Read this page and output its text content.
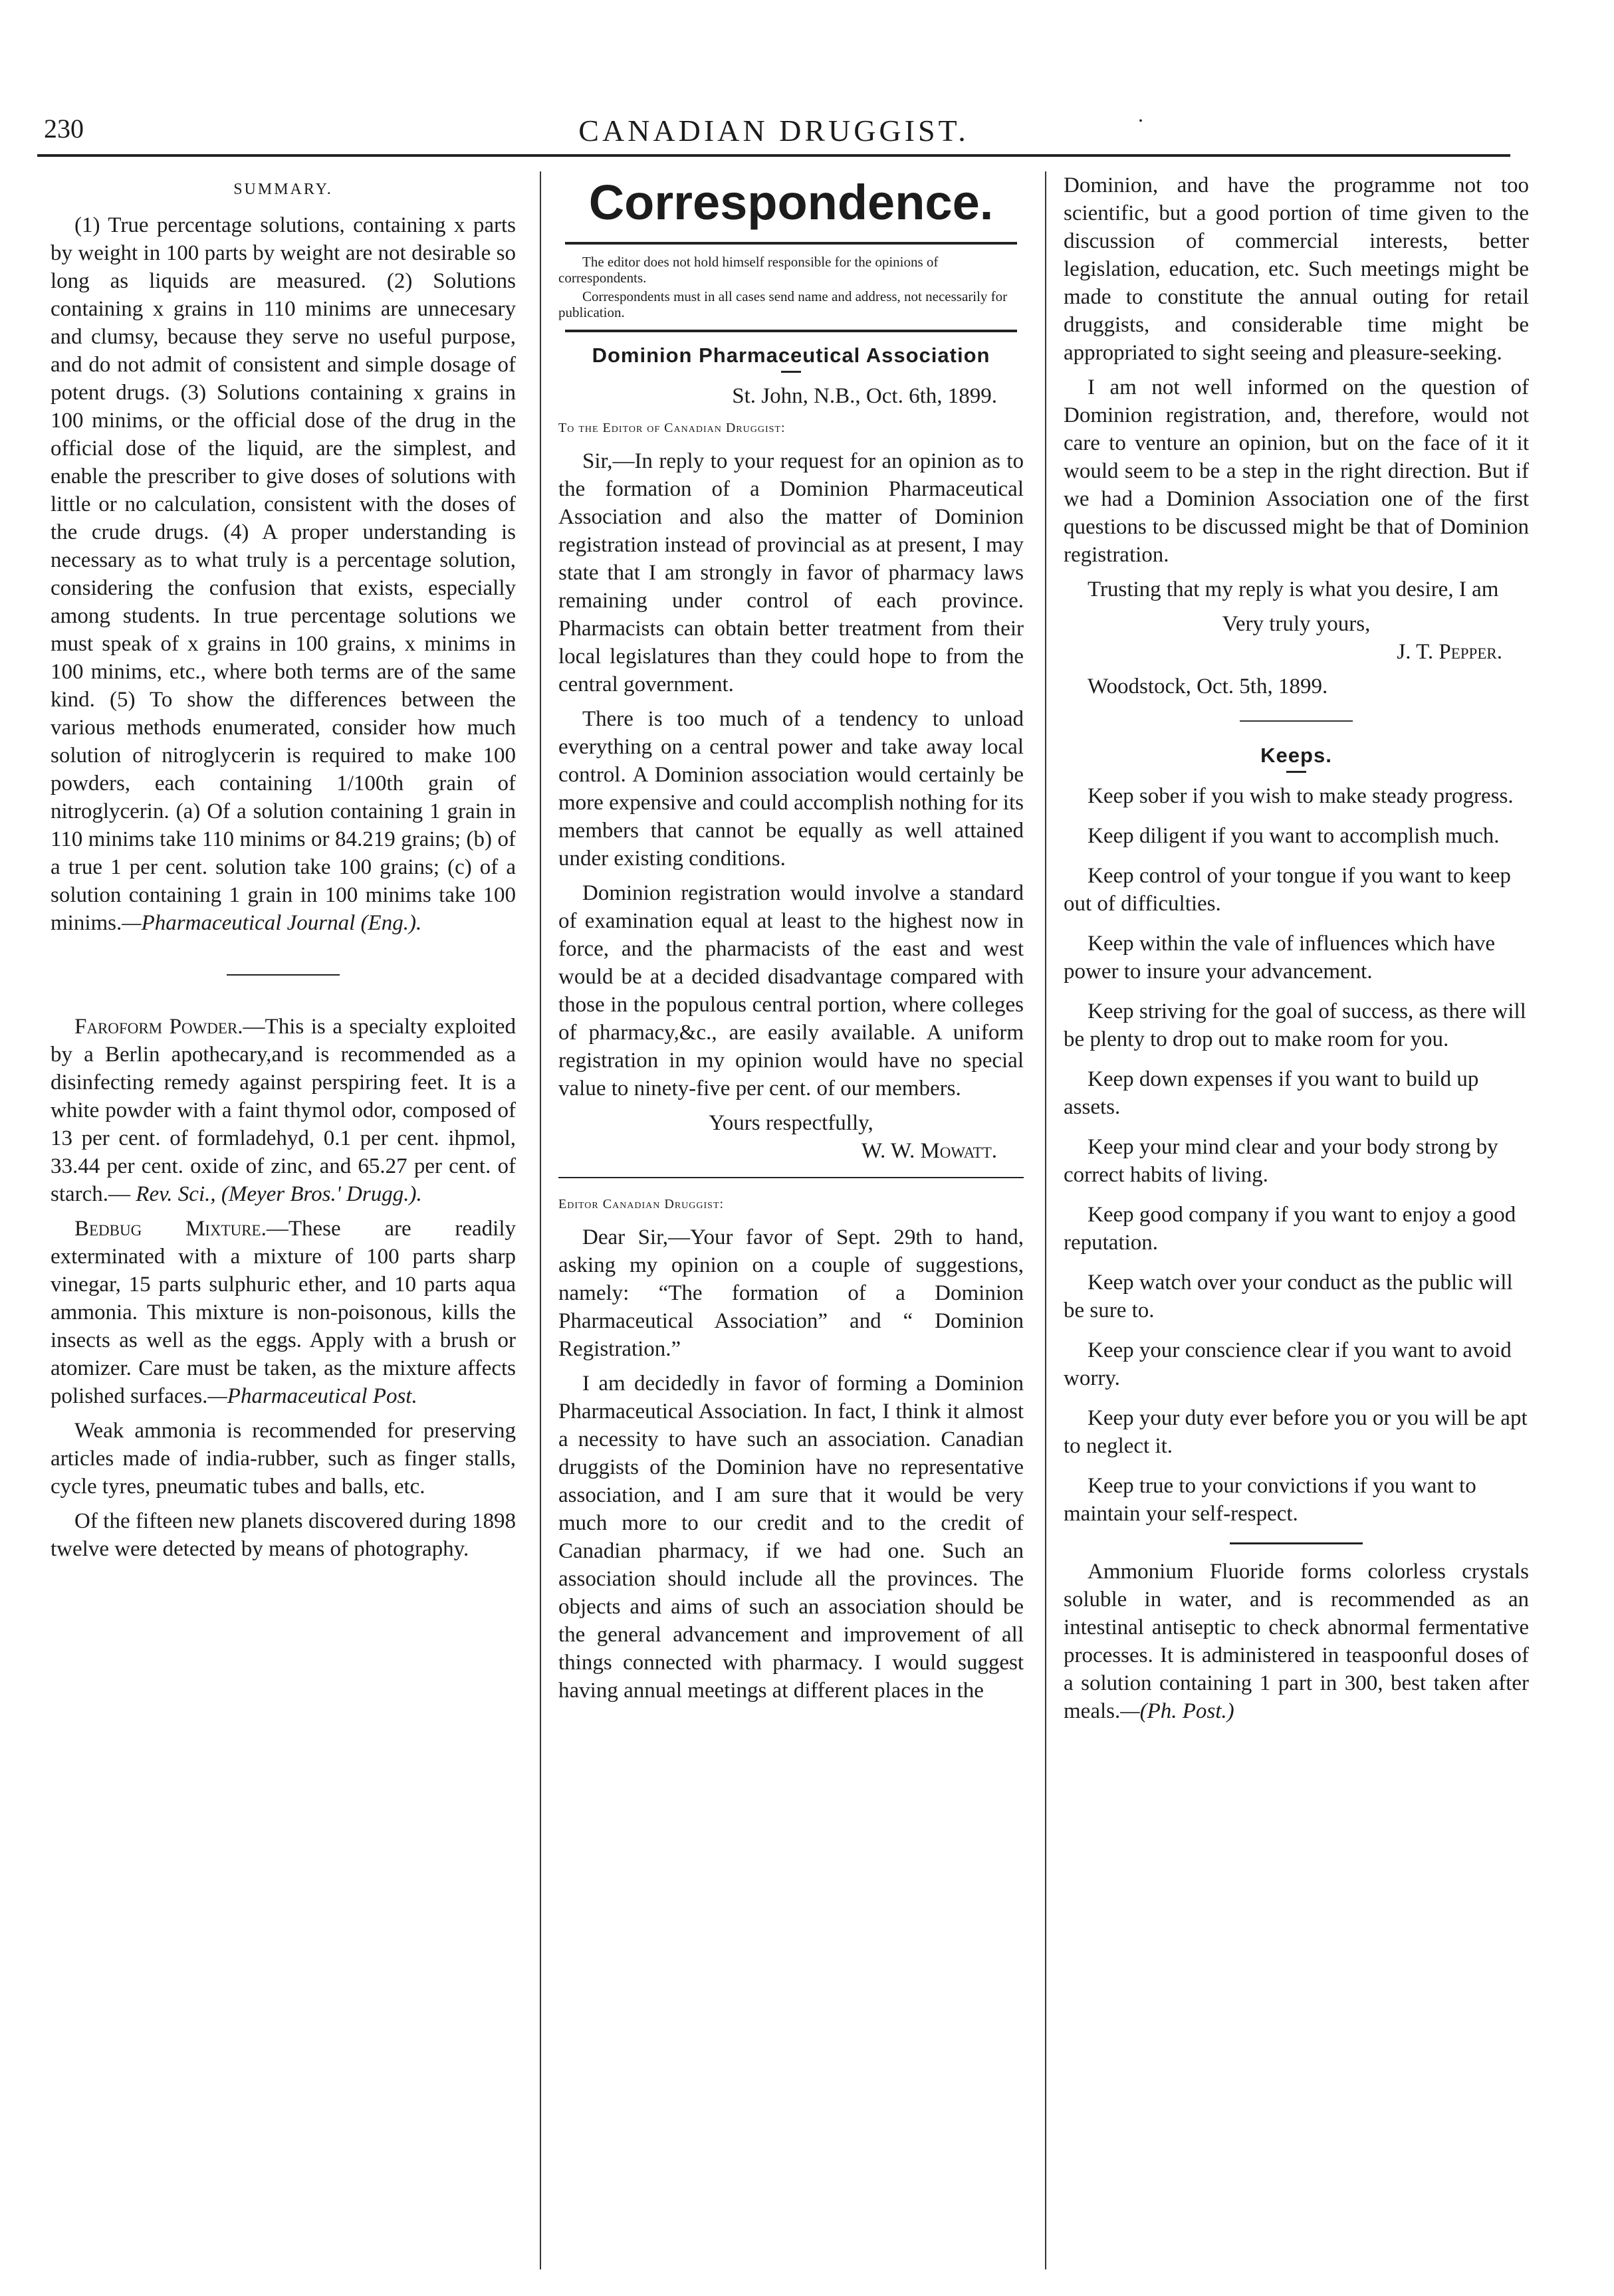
230	CANADIAN DRUGGIST.	.
SUMMARY.

(1) True percentage solutions, containing x parts by weight in 100 parts by weight are not desirable so long as liquids are measured. (2) Solutions containing x grains in 110 minims are unnecesary and clumsy, because they serve no useful purpose, and do not admit of consistent and simple dosage of potent drugs. (3) Solutions containing x grains in 100 minims, or the official dose of the drug in the official dose of the liquid, are the simplest, and enable the prescriber to give doses of solutions with little or no calculation, consistent with the doses of the crude drugs. (4) A proper understanding is necessary as to what truly is a percentage solution, considering the confusion that exists, especially among students. In true percentage solutions we must speak of x grains in 100 grains, x minims in 100 minims, etc., where both terms are of the same kind. (5) To show the differences between the various methods enumerated, consider how much solution of nitroglycerin is required to make 100 powders, each containing 1/100th grain of nitroglycerin. (a) Of a solution containing 1 grain in 110 minims take 110 minims or 84.219 grains; (b) of a true 1 per cent. solution take 100 grains; (c) of a solution containing 1 grain in 100 minims take 100 minims.—Pharmaceutical Journal (Eng.).

Faroform Powder.—This is a specialty exploited by a Berlin apothecary,and is recommended as a disinfecting remedy against perspiring feet. It is a white powder with a faint thymol odor, composed of 13 per cent. of formladehyd, 0.1 per cent. ihpmol, 33.44 per cent. oxide of zinc, and 65.27 per cent. of starch.— Rev. Sci., (Meyer Bros.' Drugg.).

Bedbug Mixture.—These are readily exterminated with a mixture of 100 parts sharp vinegar, 15 parts sulphuric ether, and 10 parts aqua ammonia. This mixture is non-poisonous, kills the insects as well as the eggs. Apply with a brush or atomizer. Care must be taken, as the mixture affects polished surfaces.—Pharmaceutical Post.

Weak ammonia is recommended for preserving articles made of india-rubber, such as finger stalls, cycle tyres, pneumatic tubes and balls, etc.

Of the fifteen new planets discovered during 1898 twelve were detected by means of photography.

Correspondence.

The editor does not hold himself responsible for the opinions of correspondents.

Correspondents must in all cases send name and address, not necessarily for publication.

Dominion Pharmaceutical Association

St. John, N.B., Oct. 6th, 1899.

To the Editor of Canadian Druggist:

Sir,—In reply to your request for an opinion as to the formation of a Dominion Pharmaceutical Association and also the matter of Dominion registration instead of provincial as at present, I may state that I am strongly in favor of pharmacy laws remaining under control of each province. Pharmacists can obtain better treatment from their local legislatures than they could hope to from the central government.

There is too much of a tendency to unload everything on a central power and take away local control. A Dominion association would certainly be more expensive and could accomplish nothing for its members that cannot be equally as well attained under existing conditions.

Dominion registration would involve a standard of examination equal at least to the highest now in force, and the pharmacists of the east and west would be at a decided disadvantage compared with those in the populous central portion, where colleges of pharmacy,&c., are easily available. A uniform registration in my opinion would have no special value to ninety-five per cent. of our members.

Yours respectfully,

W. W. Mowatt.

Editor Canadian Druggist:

Dear Sir,—Your favor of Sept. 29th to hand, asking my opinion on a couple of suggestions, namely: “The formation of a Dominion Pharmaceutical Association” and “ Dominion Registration.”

I am decidedly in favor of forming a Dominion Pharmaceutical Association. In fact, I think it almost a necessity to have such an association. Canadian druggists of the Dominion have no representative association, and I am sure that it would be very much more to our credit and to the credit of Canadian pharmacy, if we had one. Such an association should include all the provinces. The objects and aims of such an association should be the general advancement and improvement of all things connected with pharmacy. I would suggest having annual meetings at different places in the

Dominion, and have the programme not too scientific, but a good portion of time given to the discussion of commercial interests, better legislation, education, etc. Such meetings might be made to constitute the annual outing for retail druggists, and considerable time might be appropriated to sight seeing and pleasure-seeking.

I am not well informed on the question of Dominion registration, and, therefore, would not care to venture an opinion, but on the face of it it would seem to be a step in the right direction. But if we had a Dominion Association one of the first questions to be discussed might be that of Dominion registration.

Trusting that my reply is what you desire, I am

Very truly yours,

J. T. Pepper.

Woodstock, Oct. 5th, 1899.

Keeps.

Keep sober if you wish to make steady progress.

Keep diligent if you want to accomplish much.

Keep control of your tongue if you want to keep out of difficulties.

Keep within the vale of influences which have power to insure your advancement.

Keep striving for the goal of success, as there will be plenty to drop out to make room for you.

Keep down expenses if you want to build up assets.

Keep your mind clear and your body strong by correct habits of living.

Keep good company if you want to enjoy a good reputation.

Keep watch over your conduct as the public will be sure to.

Keep your conscience clear if you want to avoid worry.

Keep your duty ever before you or you will be apt to neglect it.

Keep true to your convictions if you want to maintain your self-respect.

Ammonium Fluoride forms colorless crystals soluble in water, and is recommended as an intestinal antiseptic to check abnormal fermentative processes. It is administered in teaspoonful doses of a solution containing 1 part in 300, best taken after meals.—(Ph. Post.)
